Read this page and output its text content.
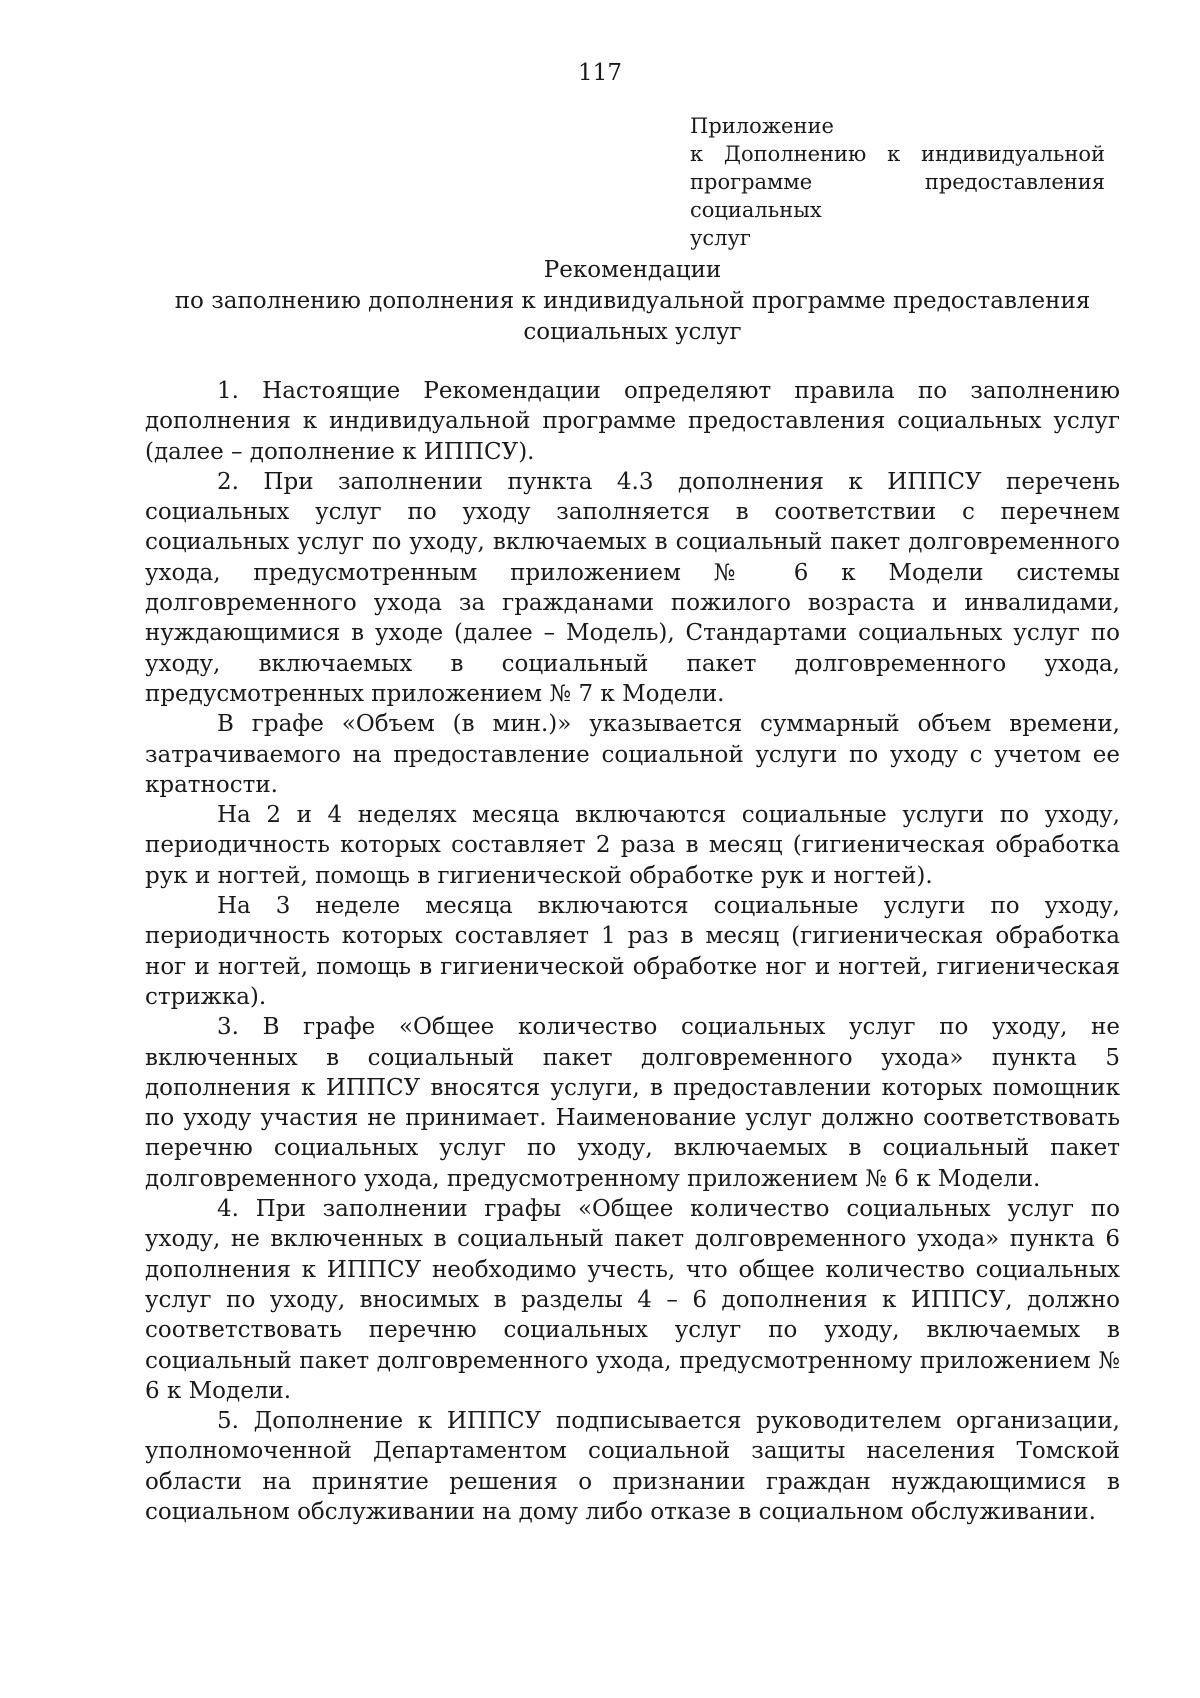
117
Приложение
к Дополнению к индивидуальной
программе предоставления социальных
услуг
Рекомендации
по заполнению дополнения к индивидуальной программе предоставления
социальных услуг

1. Настоящие Рекомендации определяют правила по заполнению дополнения к индивидуальной программе предоставления социальных услуг (далее – дополнение к ИППСУ).

2. При заполнении пункта 4.3 дополнения к ИППСУ перечень социальных услуг по уходу заполняется в соответствии с перечнем социальных услуг по уходу, включаемых в социальный пакет долговременного ухода, предусмотренным приложением № 6 к Модели системы долговременного ухода за гражданами пожилого возраста и инвалидами, нуждающимися в уходе (далее – Модель), Стандартами социальных услуг по уходу, включаемых в социальный пакет долговременного ухода, предусмотренных приложением № 7 к Модели.

В графе «Объем (в мин.)» указывается суммарный объем времени, затрачиваемого на предоставление социальной услуги по уходу с учетом ее кратности.

На 2 и 4 неделях месяца включаются социальные услуги по уходу, периодичность которых составляет 2 раза в месяц (гигиеническая обработка рук и ногтей, помощь в гигиенической обработке рук и ногтей).

На 3 неделе месяца включаются социальные услуги по уходу, периодичность которых составляет 1 раз в месяц (гигиеническая обработка ног и ногтей, помощь в гигиенической обработке ног и ногтей, гигиеническая стрижка).

3. В графе «Общее количество социальных услуг по уходу, не включенных в социальный пакет долговременного ухода» пункта 5 дополнения к ИППСУ вносятся услуги, в предоставлении которых помощник по уходу участия не принимает. Наименование услуг должно соответствовать перечню социальных услуг по уходу, включаемых в социальный пакет долговременного ухода, предусмотренному приложением № 6 к Модели.

4. При заполнении графы «Общее количество социальных услуг по уходу, не включенных в социальный пакет долговременного ухода» пункта 6 дополнения к ИППСУ необходимо учесть, что общее количество социальных услуг по уходу, вносимых в разделы 4 – 6 дополнения к ИППСУ, должно соответствовать перечню социальных услуг по уходу, включаемых в социальный пакет долговременного ухода, предусмотренному приложением № 6 к Модели.

5. Дополнение к ИППСУ подписывается руководителем организации, уполномоченной Департаментом социальной защиты населения Томской области на принятие решения о признании граждан нуждающимися в социальном обслуживании на дому либо отказе в социальном обслуживании.
